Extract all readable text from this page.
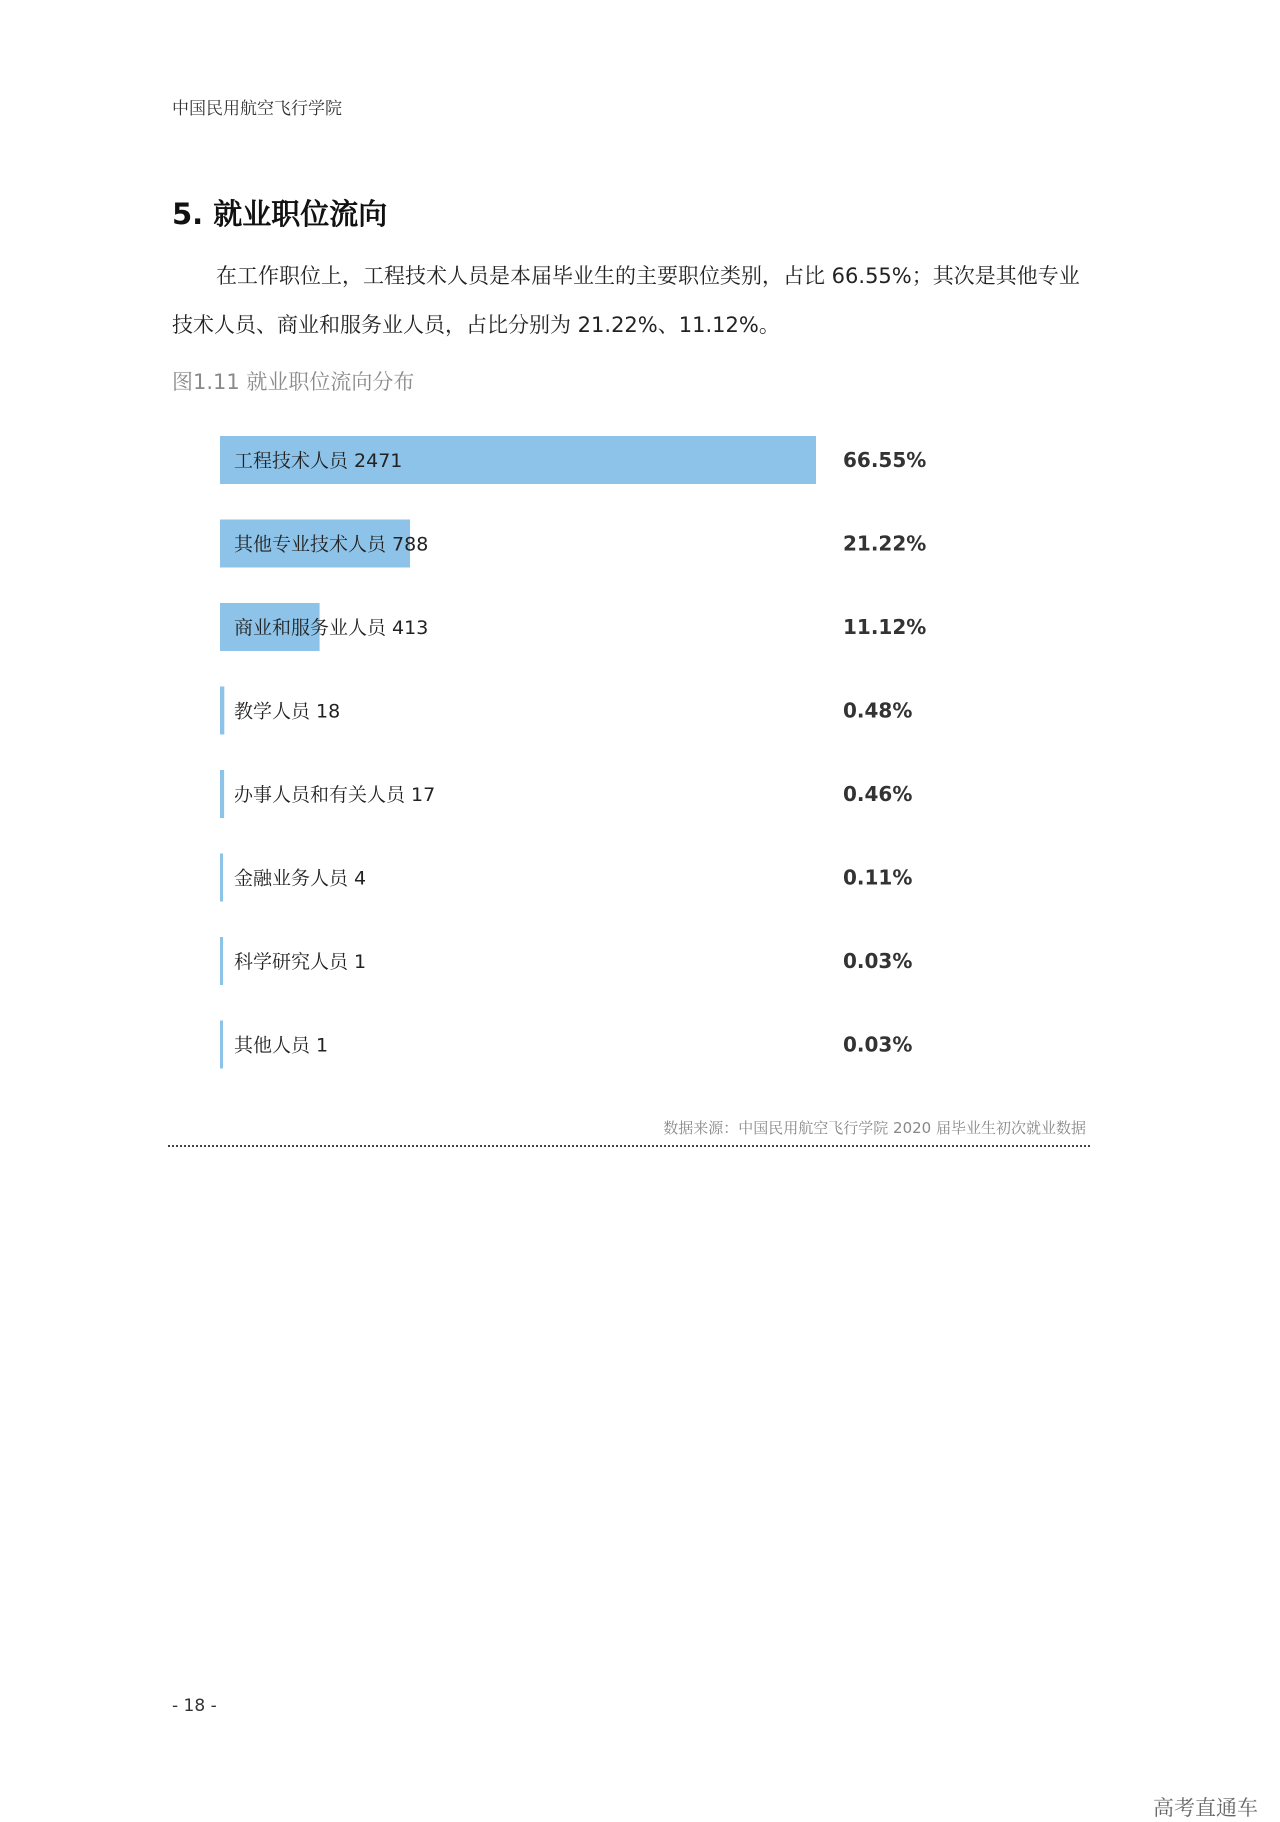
中国民用航空飞行学院
5. 就业职位流向

在工作职位上，工程技术人员是本届毕业生的主要职位类别，占比 66.55%；其次是其他专业技术人员、商业和服务业人员，占比分别为 21.22%、11.12%。

图1.11 就业职位流向分布
工程技术人员 2471	66.55%
其他专业技术人员 788	21.22%
商业和服务业人员 413	11.12%
教学人员 18	0.48%
办事人员和有关人员 17	0.46%
金融业务人员 4	0.11%
科学研究人员 1	0.03%
其他人员 1	0.03%
数据来源：中国民用航空飞行学院 2020 届毕业生初次就业数据
- 18 -
高考直通车
